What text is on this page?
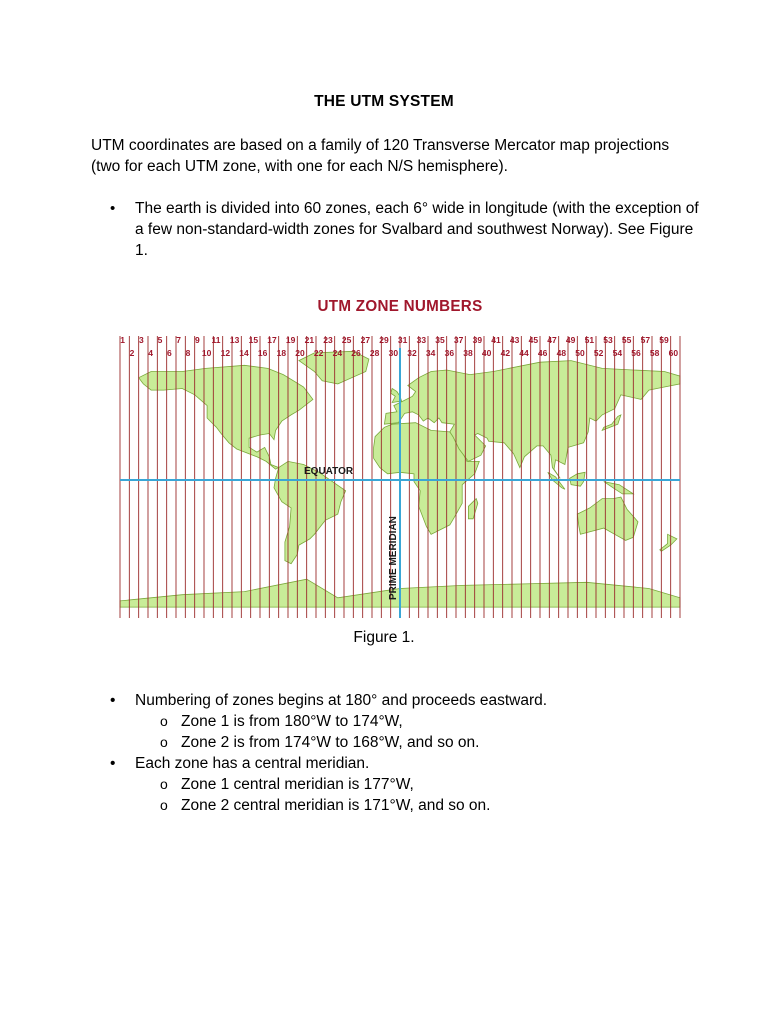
THE UTM SYSTEM
UTM coordinates are based on a family of 120 Transverse Mercator map projections (two for each UTM zone, with one for each N/S hemisphere).
• The earth is divided into 60 zones, each 6° wide in longitude (with the exception of a few non-standard-width zones for Svalbard and southwest Norway). See Figure 1.
UTM ZONE NUMBERS
1 3 5 7 9 11 13 15 17 19 21 23 25 27 29 31 33 35 37 39 41 43 45 47 49 51 53 55 57 59
2 4 6 8 10 12 14 16 18 20 22 24 26 28 30 32 34 36 38 40 42 44 46 48 50 52 54 56 58 60
EQUATOR
PRIME MERIDIAN
Figure 1.
• Numbering of zones begins at 180° and proceeds eastward.
o Zone 1 is from 180°W to 174°W,
o Zone 2 is from 174°W to 168°W, and so on.
• Each zone has a central meridian.
o Zone 1 central meridian is 177°W,
o Zone 2 central meridian is 171°W, and so on.
